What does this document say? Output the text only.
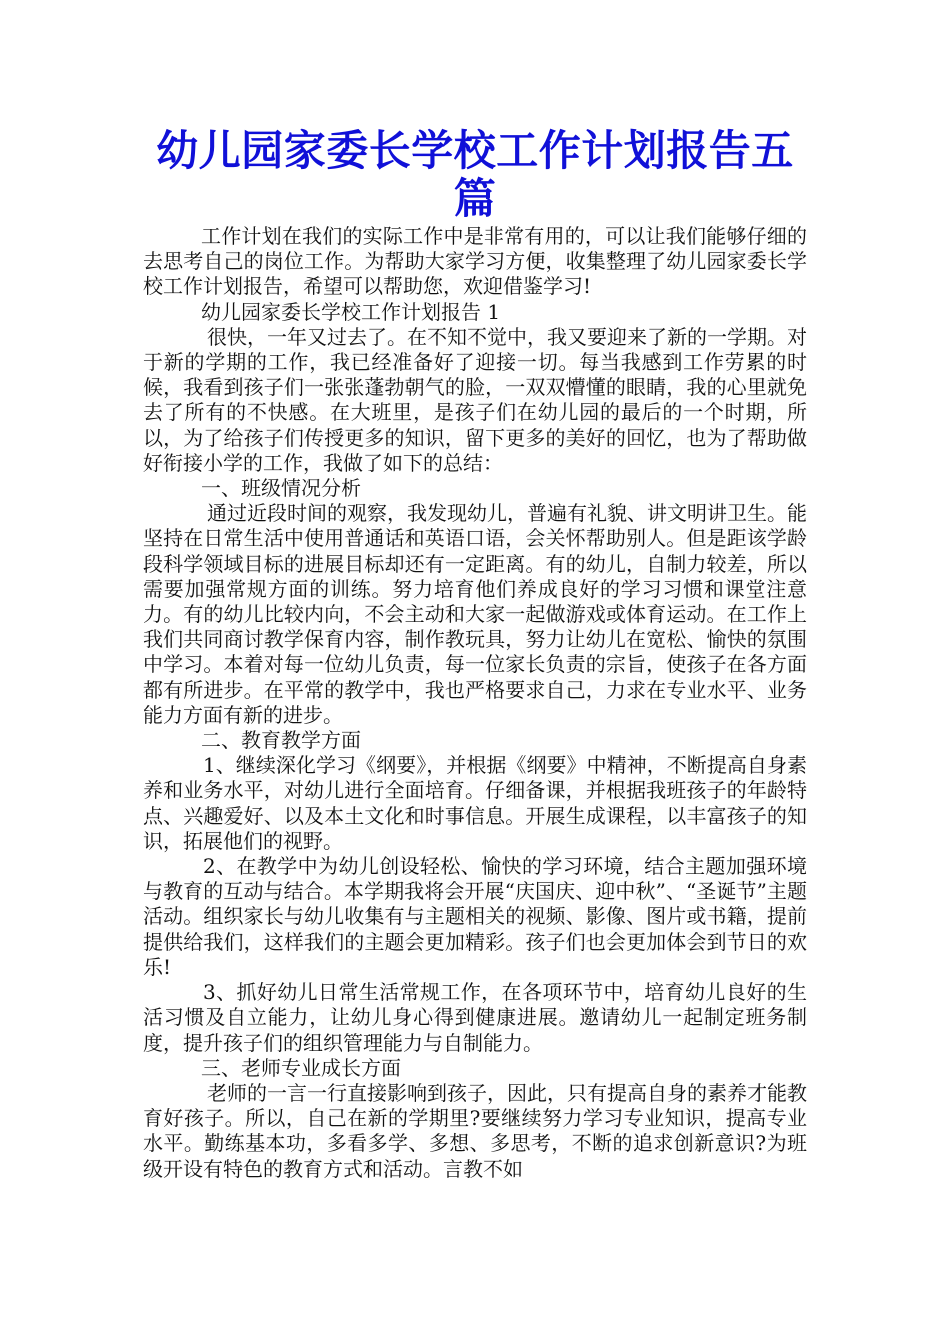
幼儿园家委长学校工作计划报告五篇

工作计划在我们的实际工作中是非常有用的，可以让我们能够仔细的去思考自己的岗位工作。为帮助大家学习方便，收集整理了幼儿园家委长学校工作计划报告，希望可以帮助您，欢迎借鉴学习!

幼儿园家委长学校工作计划报告 1

很快，一年又过去了。在不知不觉中，我又要迎来了新的一学期。对于新的学期的工作，我已经准备好了迎接一切。每当我感到工作劳累的时候，我看到孩子们一张张蓬勃朝气的脸，一双双懵懂的眼睛，我的心里就免去了所有的不快感。在大班里，是孩子们在幼儿园的最后的一个时期，所以，为了给孩子们传授更多的知识，留下更多的美好的回忆，也为了帮助做好衔接小学的工作，我做了如下的总结：

一、班级情况分析

通过近段时间的观察，我发现幼儿，普遍有礼貌、讲文明讲卫生。能坚持在日常生活中使用普通话和英语口语，会关怀帮助别人。但是距该学龄段科学领域目标的进展目标却还有一定距离。有的幼儿，自制力较差，所以需要加强常规方面的训练。努力培育他们养成良好的学习习惯和课堂注意力。有的幼儿比较内向，不会主动和大家一起做游戏或体育运动。在工作上我们共同商讨教学保育内容，制作教玩具，努力让幼儿在宽松、愉快的氛围中学习。本着对每一位幼儿负责，每一位家长负责的宗旨，使孩子在各方面都有所进步。在平常的教学中，我也严格要求自己，力求在专业水平、业务能力方面有新的进步。

二、教育教学方面

1、继续深化学习《纲要》，并根据《纲要》中精神，不断提高自身素养和业务水平，对幼儿进行全面培育。仔细备课，并根据我班孩子的年龄特点、兴趣爱好、以及本土文化和时事信息。开展生成课程，以丰富孩子的知识，拓展他们的视野。

2、在教学中为幼儿创设轻松、愉快的学习环境，结合主题加强环境与教育的互动与结合。本学期我将会开展“庆国庆、迎中秋”、“圣诞节”主题活动。组织家长与幼儿收集有与主题相关的视频、影像、图片或书籍，提前提供给我们，这样我们的主题会更加精彩。孩子们也会更加体会到节日的欢乐!

3、抓好幼儿日常生活常规工作，在各项环节中，培育幼儿良好的生活习惯及自立能力，让幼儿身心得到健康进展。邀请幼儿一起制定班务制度，提升孩子们的组织管理能力与自制能力。

三、老师专业成长方面

老师的一言一行直接影响到孩子，因此，只有提高自身的素养才能教育好孩子。所以，自己在新的学期里?要继续努力学习专业知识，提高专业水平。勤练基本功，多看多学、多想、多思考，不断的追求创新意识?为班级开设有特色的教育方式和活动。言教不如
